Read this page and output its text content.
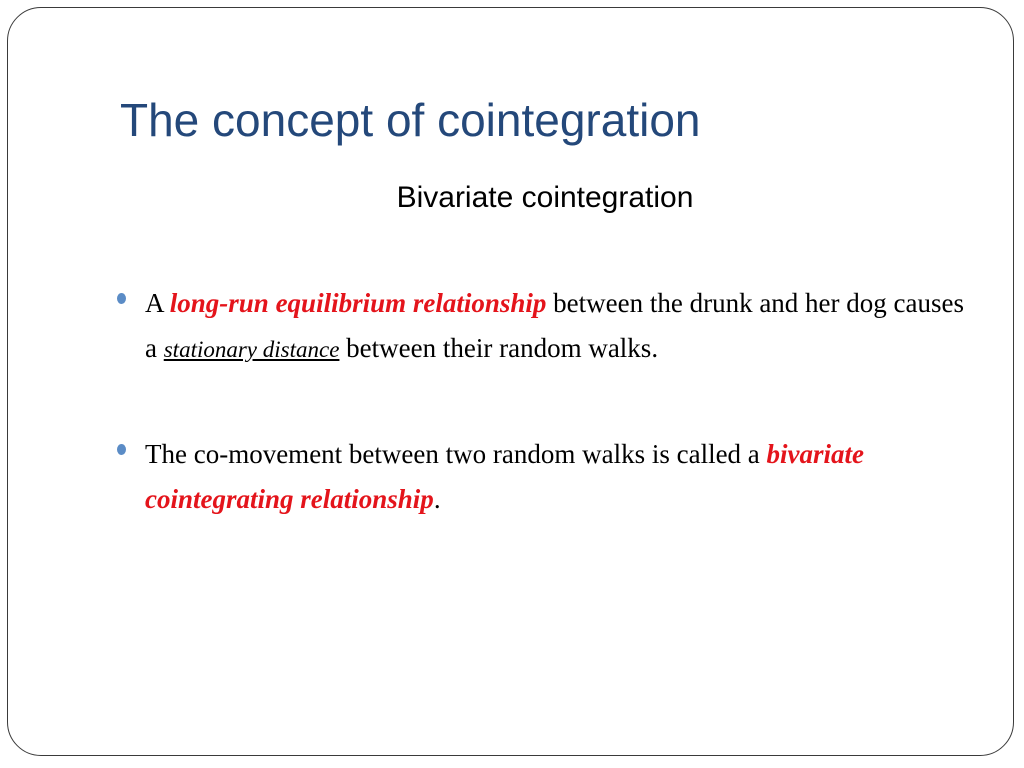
The concept of cointegration
Bivariate cointegration
A long-run equilibrium relationship between the drunk and her dog causes a stationary distance between their random walks.
The co-movement between two random walks is called a bivariate cointegrating relationship.
